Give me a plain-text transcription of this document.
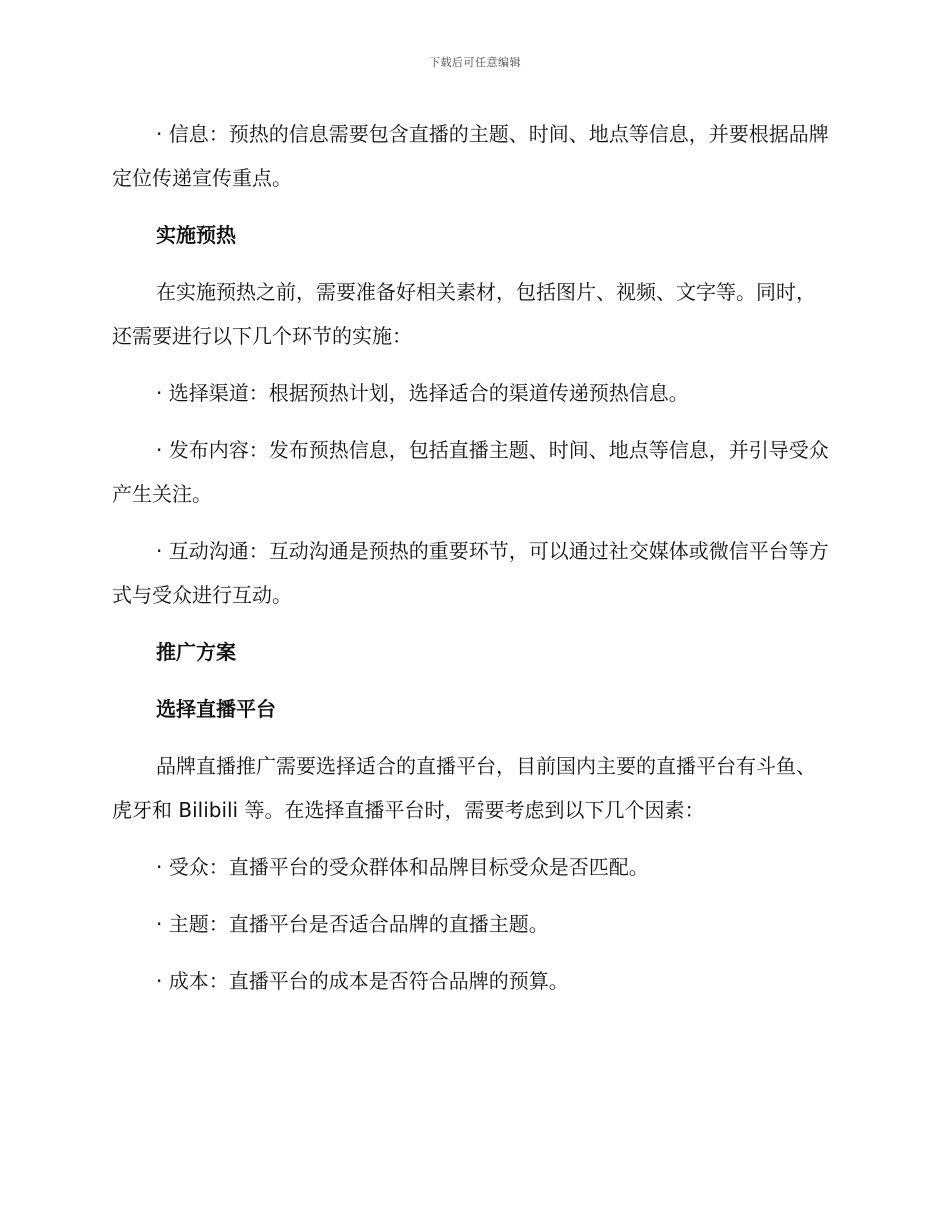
下载后可任意编辑

· 信息：预热的信息需要包含直播的主题、时间、地点等信息，并要根据品牌定位传递宣传重点。

实施预热

在实施预热之前，需要准备好相关素材，包括图片、视频、文字等。同时，还需要进行以下几个环节的实施：

· 选择渠道：根据预热计划，选择适合的渠道传递预热信息。

· 发布内容：发布预热信息，包括直播主题、时间、地点等信息，并引导受众产生关注。

· 互动沟通：互动沟通是预热的重要环节，可以通过社交媒体或微信平台等方式与受众进行互动。

推广方案

选择直播平台

品牌直播推广需要选择适合的直播平台，目前国内主要的直播平台有斗鱼、虎牙和 Bilibili 等。在选择直播平台时，需要考虑到以下几个因素：

· 受众：直播平台的受众群体和品牌目标受众是否匹配。

· 主题：直播平台是否适合品牌的直播主题。

· 成本：直播平台的成本是否符合品牌的预算。
